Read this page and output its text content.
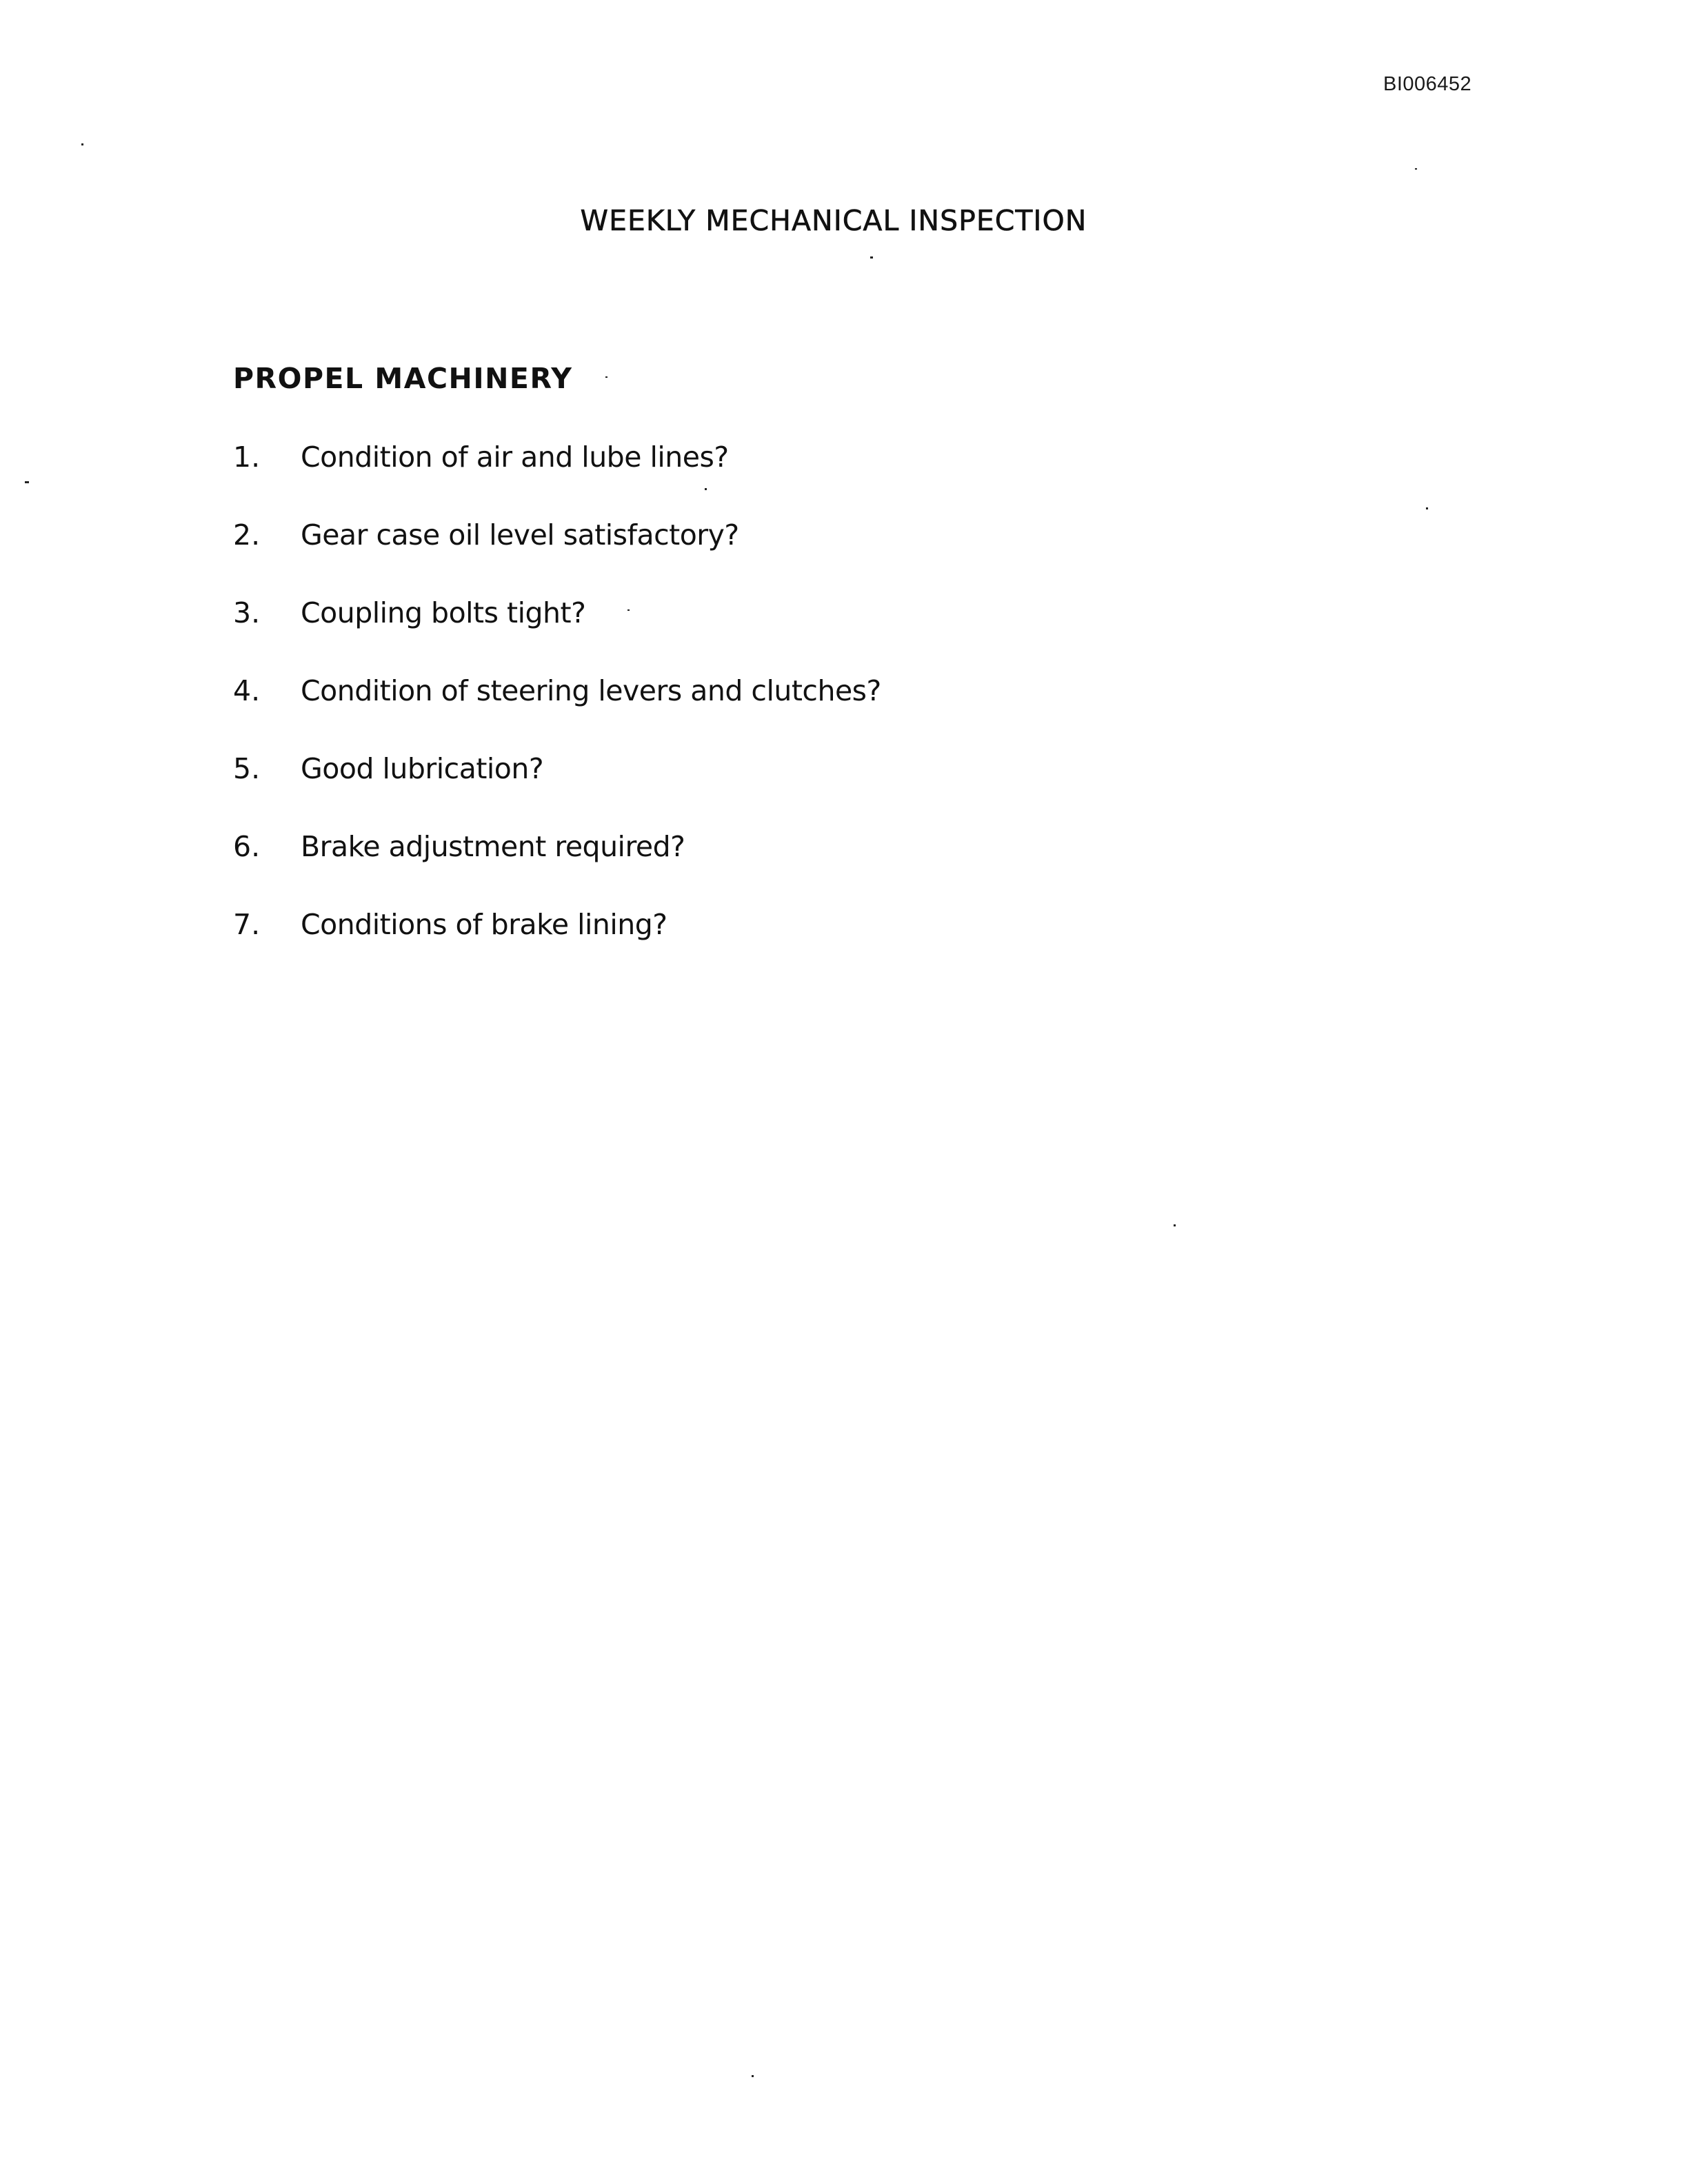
BI006452
WEEKLY MECHANICAL INSPECTION
PROPEL MACHINERY
1. Condition of air and lube lines?
2. Gear case oil level satisfactory?
3. Coupling bolts tight?
4. Condition of steering levers and clutches?
5. Good lubrication?
6. Brake adjustment required?
7. Conditions of brake lining?
